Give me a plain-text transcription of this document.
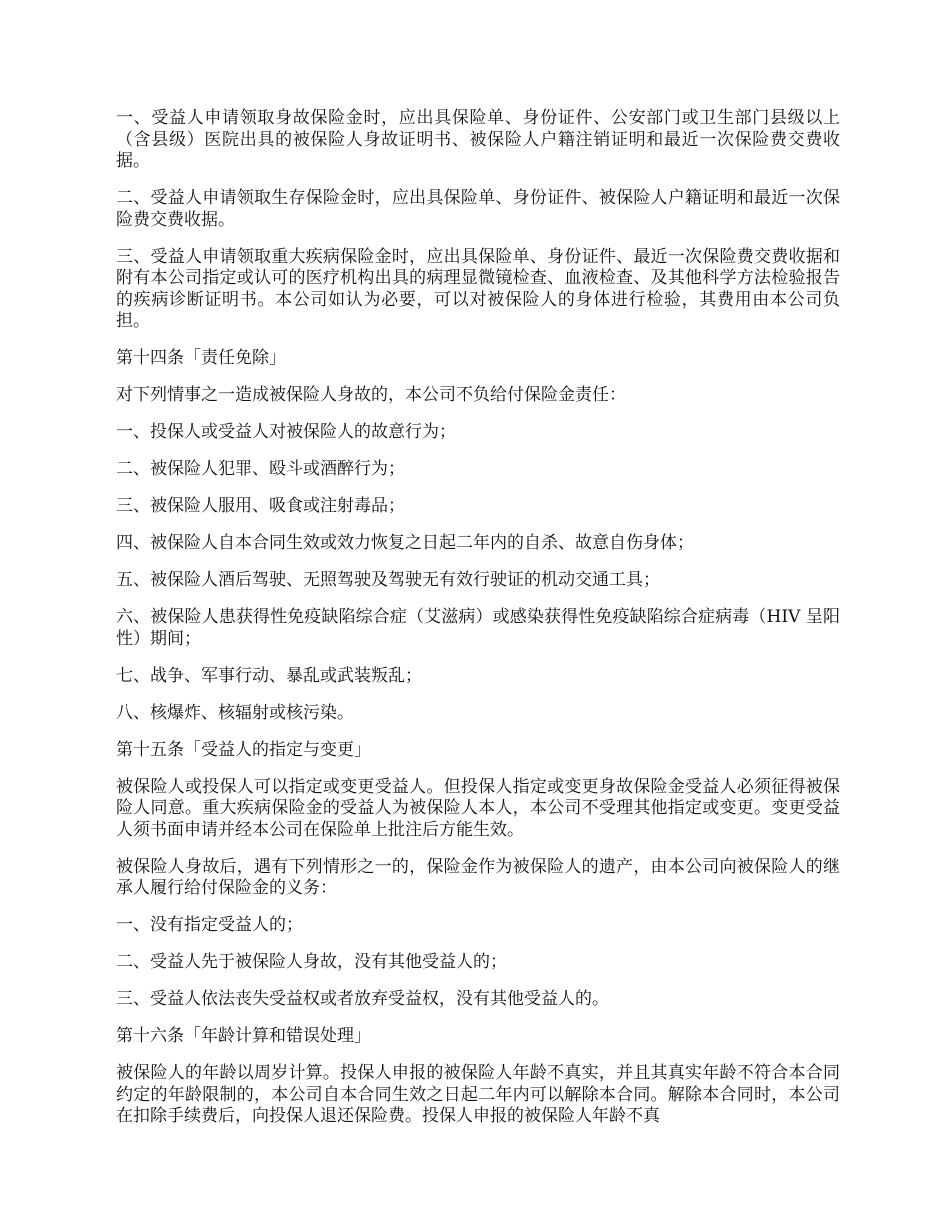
一、受益人申请领取身故保险金时，应出具保险单、身份证件、公安部门或卫生部门县级以上（含县级）医院出具的被保险人身故证明书、被保险人户籍注销证明和最近一次保险费交费收据。

二、受益人申请领取生存保险金时，应出具保险单、身份证件、被保险人户籍证明和最近一次保险费交费收据。

三、受益人申请领取重大疾病保险金时，应出具保险单、身份证件、最近一次保险费交费收据和附有本公司指定或认可的医疗机构出具的病理显微镜检查、血液检查、及其他科学方法检验报告的疾病诊断证明书。本公司如认为必要，可以对被保险人的身体进行检验，其费用由本公司负担。

第十四条「责任免除」

对下列情事之一造成被保险人身故的，本公司不负给付保险金责任：

一、投保人或受益人对被保险人的故意行为；

二、被保险人犯罪、殴斗或酒醉行为；

三、被保险人服用、吸食或注射毒品；

四、被保险人自本合同生效或效力恢复之日起二年内的自杀、故意自伤身体；

五、被保险人酒后驾驶、无照驾驶及驾驶无有效行驶证的机动交通工具；

六、被保险人患获得性免疫缺陷综合症（艾滋病）或感染获得性免疫缺陷综合症病毒（HIV 呈阳性）期间；

七、战争、军事行动、暴乱或武装叛乱；

八、核爆炸、核辐射或核污染。

第十五条「受益人的指定与变更」

被保险人或投保人可以指定或变更受益人。但投保人指定或变更身故保险金受益人必须征得被保险人同意。重大疾病保险金的受益人为被保险人本人，本公司不受理其他指定或变更。变更受益人须书面申请并经本公司在保险单上批注后方能生效。

被保险人身故后，遇有下列情形之一的，保险金作为被保险人的遗产，由本公司向被保险人的继承人履行给付保险金的义务：

一、没有指定受益人的；

二、受益人先于被保险人身故，没有其他受益人的；

三、受益人依法丧失受益权或者放弃受益权，没有其他受益人的。

第十六条「年龄计算和错误处理」

被保险人的年龄以周岁计算。投保人申报的被保险人年龄不真实，并且其真实年龄不符合本合同约定的年龄限制的，本公司自本合同生效之日起二年内可以解除本合同。解除本合同时，本公司在扣除手续费后，向投保人退还保险费。投保人申报的被保险人年龄不真
